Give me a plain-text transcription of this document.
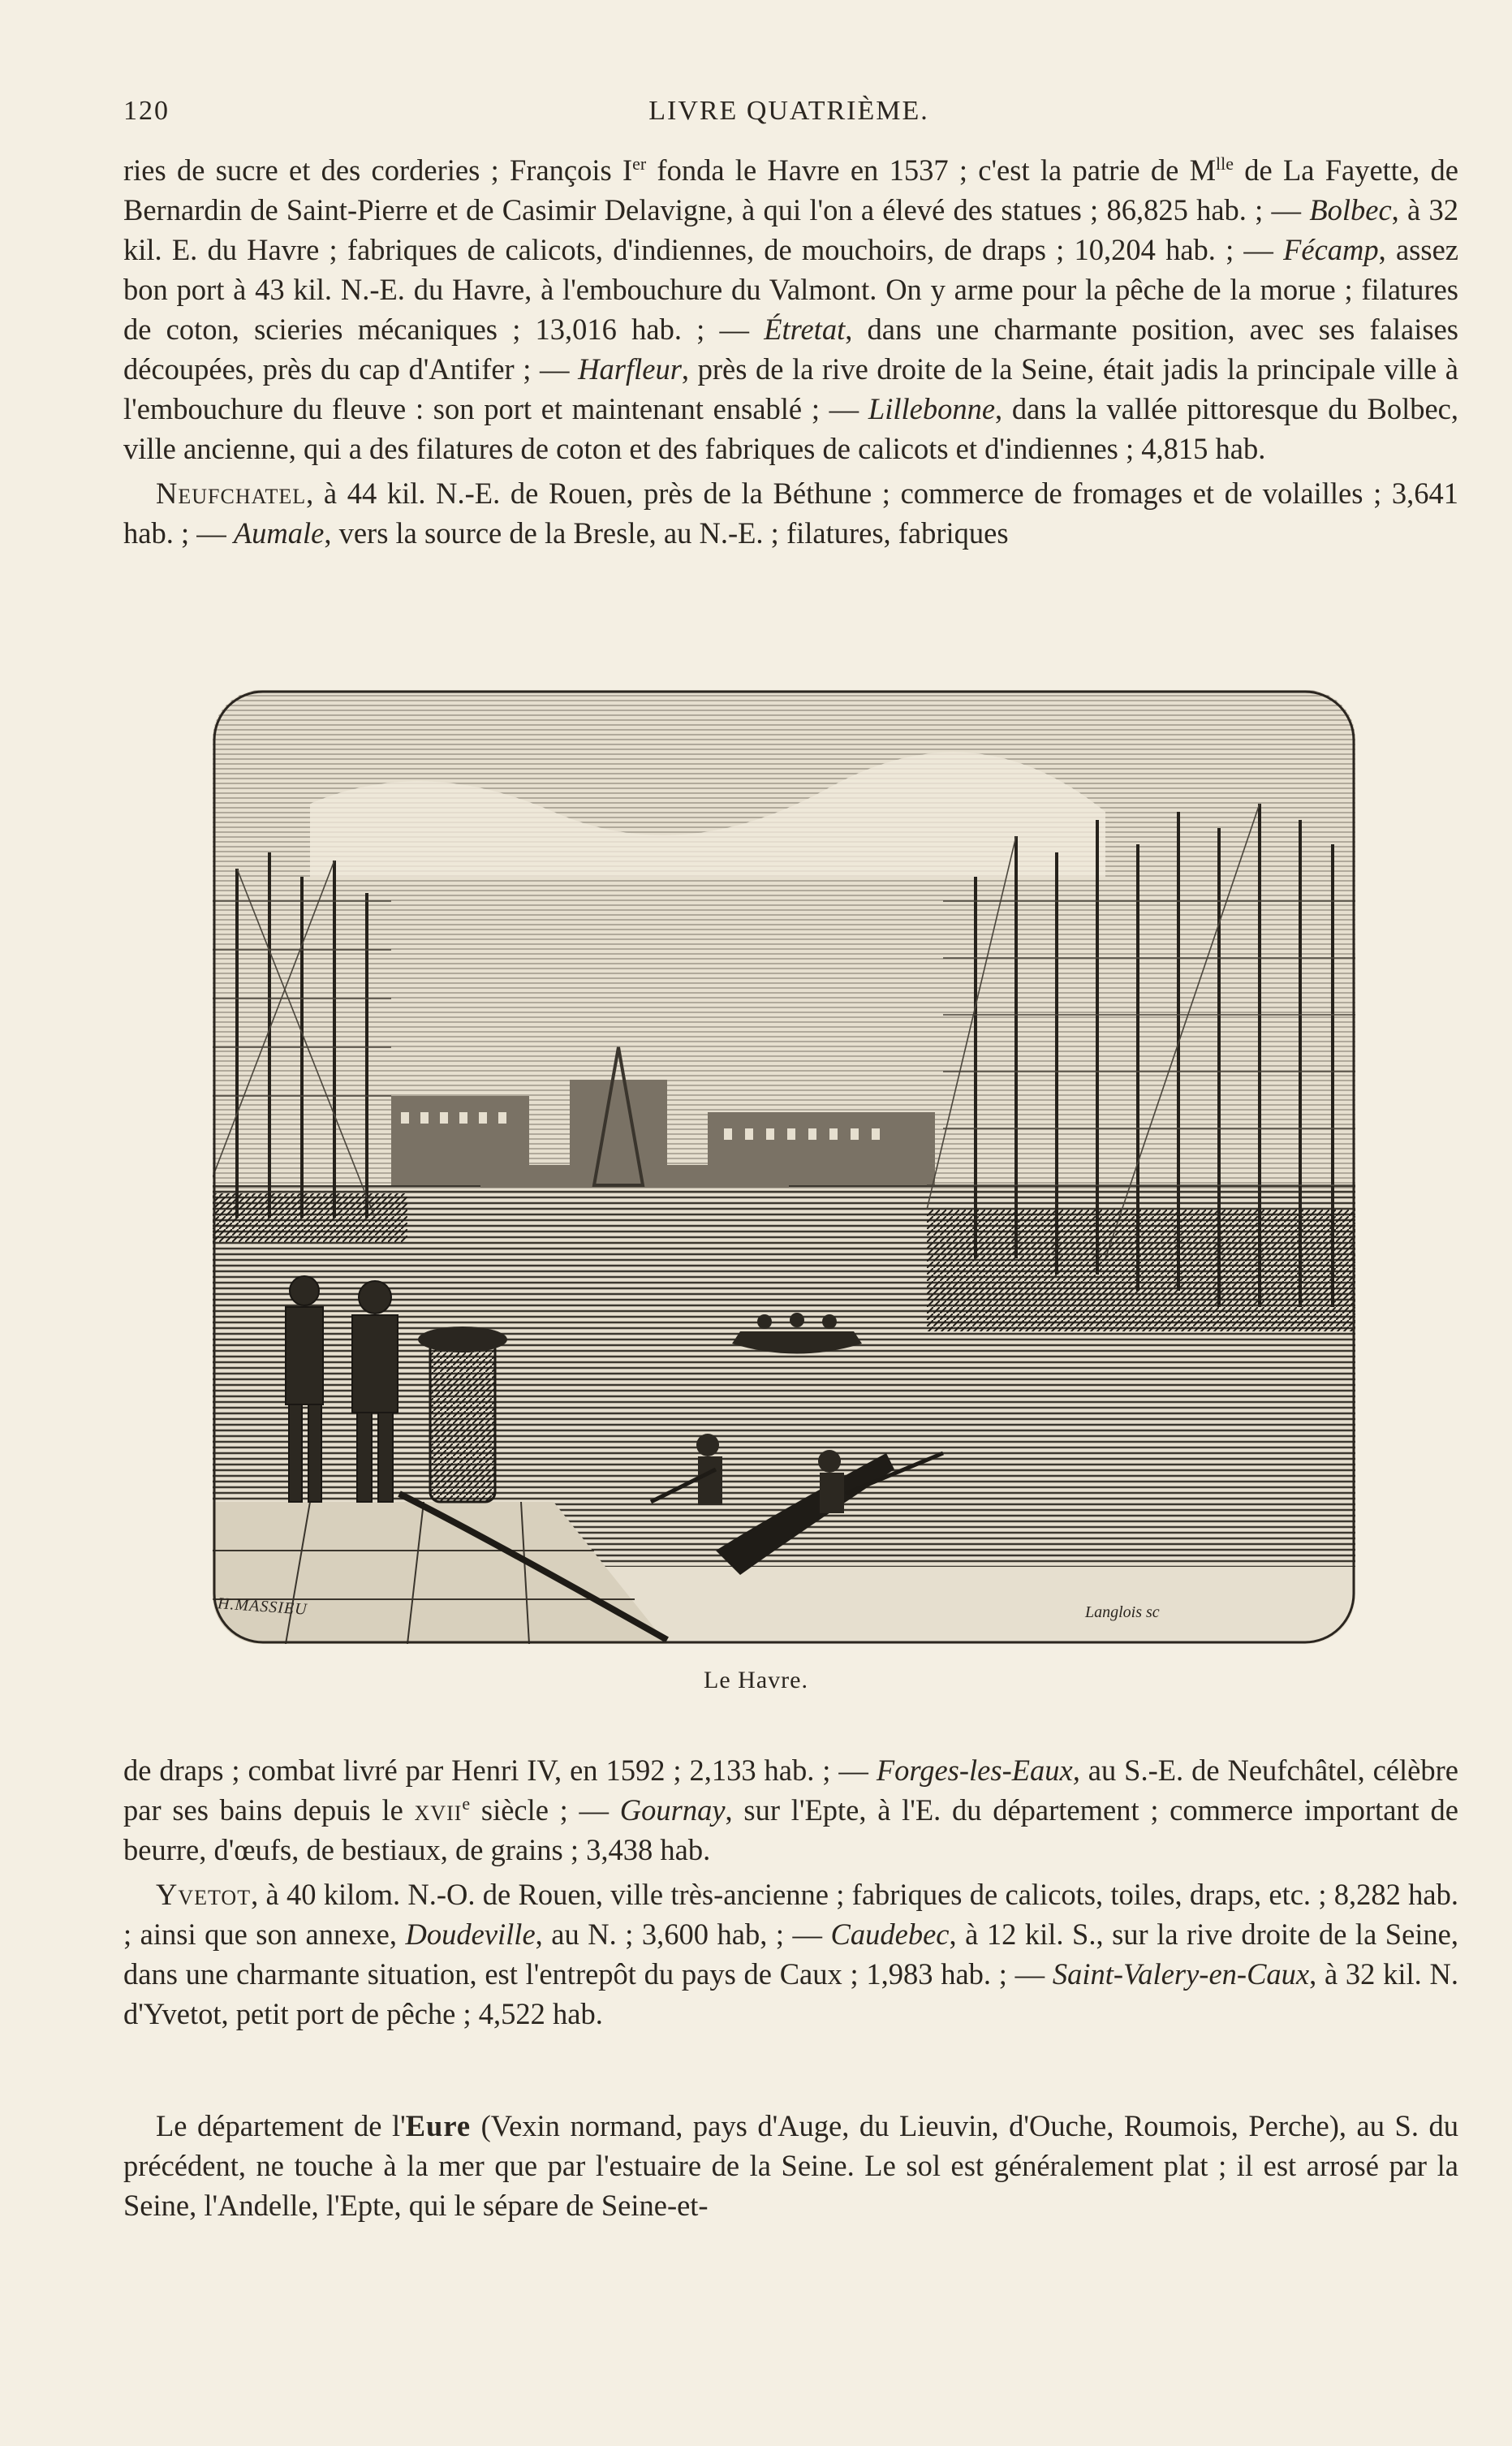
120	LIVRE QUATRIÈME.

ries de sucre et des corderies ; François Ier fonda le Havre en 1537 ; c'est la patrie de $M^{lle}$ de La Fayette, de Bernardin de Saint-Pierre et de Casimir Delavigne, à qui l'on a élevé des statues ; 86,825 hab. ; — Bolbec, à 32 kil. E. du Havre ; fabriques de calicots, d'indiennes, de mouchoirs, de draps ; 10,204 hab. ; — Fécamp, assez bon port à 43 kil. N.-E. du Havre, à l'embouchure du Valmont. On y arme pour la pêche de la morue ; filatures de coton, scieries mécaniques ; 13,016 hab. ; — Étretat, dans une charmante position, avec ses falaises découpées, près du cap d'Antifer ; — Harfleur, près de la rive droite de la Seine, était jadis la principale ville à l'embouchure du fleuve : son port et maintenant ensablé ; — Lillebonne, dans la vallée pittoresque du Bolbec, ville ancienne, qui a des filatures de coton et des fabriques de calicots et d'indiennes ; 4,815 hab.

Neufchatel, à 44 kil. N.-E. de Rouen, près de la Béthune ; commerce de fromages et de volailles ; 3,641 hab. ; — Aumale, vers la source de la Bresle, au N.-E. ; filatures, fabriques

H.MASSIEU	Langlois sc
Le Havre.

de draps ; combat livré par Henri IV, en 1592 ; 2,133 hab. ; — Forges-les-Eaux, au S.-E. de Neufchâtel, célèbre par ses bains depuis le xvii$^e$ siècle ; — Gournay, sur l'Epte, à l'E. du département ; commerce important de beurre, d'œufs, de bestiaux, de grains ; 3,438 hab.

Yvetot, à 40 kilom. N.-O. de Rouen, ville très-ancienne ; fabriques de calicots, toiles, draps, etc. ; 8,282 hab. ; ainsi que son annexe, Doudeville, au N. ; 3,600 hab, ; — Caudebec, à 12 kil. S., sur la rive droite de la Seine, dans une charmante situation, est l'entrepôt du pays de Caux ; 1,983 hab. ; — Saint-Valery-en-Caux, à 32 kil. N. d'Yvetot, petit port de pêche ; 4,522 hab.

Le département de l'Eure (Vexin normand, pays d'Auge, du Lieuvin, d'Ouche, Roumois, Perche), au S. du précédent, ne touche à la mer que par l'estuaire de la Seine. Le sol est généralement plat ; il est arrosé par la Seine, l'Andelle, l'Epte, qui le sépare de Seine-et-
